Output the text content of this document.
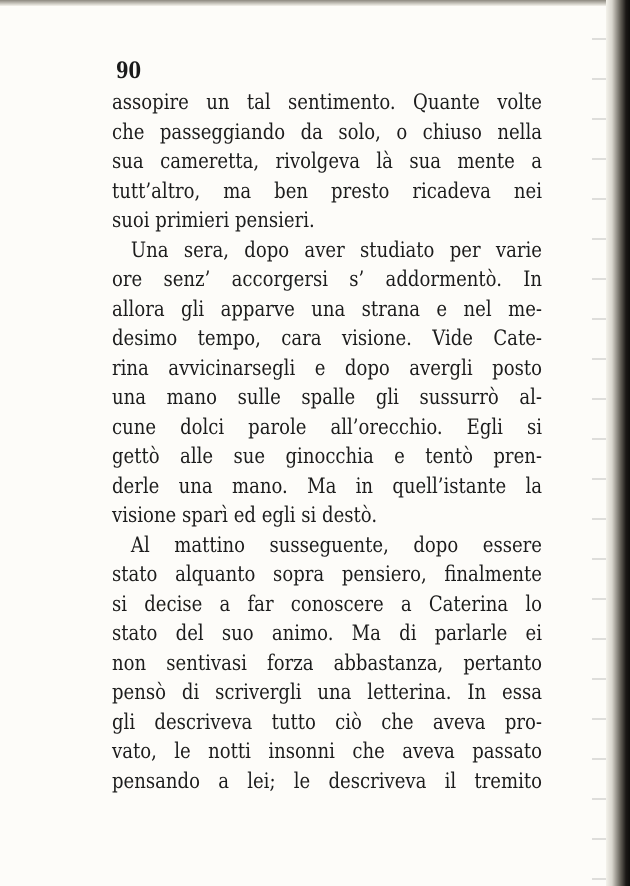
90
assopire un tal sentimento. Quante volte
che passeggiando da solo, o chiuso nella
sua cameretta, rivolgeva là sua mente a
tutt’altro, ma ben presto ricadeva nei
suoi primieri pensieri.
Una sera, dopo aver studiato per varie
ore senz’ accorgersi s’ addormentò. In
allora gli apparve una strana e nel me-
desimo tempo, cara visione. Vide Cate-
rina avvicinarsegli e dopo avergli posto
una mano sulle spalle gli sussurrò al-
cune dolci parole all’orecchio. Egli si
gettò alle sue ginocchia e tentò pren-
derle una mano. Ma in quell’istante la
visione sparì ed egli si destò.
Al mattino susseguente, dopo essere
stato alquanto sopra pensiero, finalmente
si decise a far conoscere a Caterina lo
stato del suo animo. Ma di parlarle ei
non sentivasi forza abbastanza, pertanto
pensò di scrivergli una letterina. In essa
gli descriveva tutto ciò che aveva pro-
vato, le notti insonni che aveva passato
pensando a lei; le descriveva il tremito
